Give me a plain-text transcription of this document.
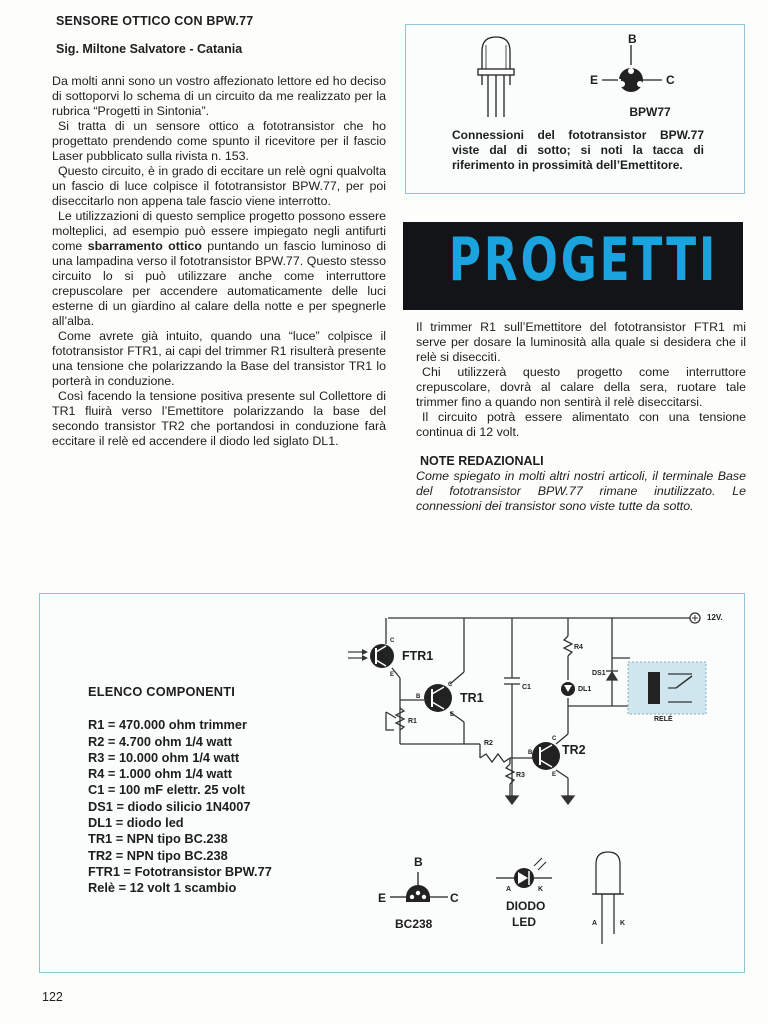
SENSORE OTTICO CON BPW.77
Sig. Miltone Salvatore - Catania

Da molti anni sono un vostro affezionato lettore ed ho deciso di sottoporvi lo schema di un circuito da me realizzato per la rubrica “Progetti in Sintonia”.

Si tratta di un sensore ottico a fototransistor che ho progettato prendendo come spunto il ricevitore per il fascio Laser pubblicato sulla rivista n. 153.

Questo circuito, è in grado di eccitare un relè ogni qualvolta un fascio di luce colpisce il fototransistor BPW.77, per poi diseccitarlo non appena tale fascio viene interrotto.

Le utilizzazioni di questo semplice progetto possono essere molteplici, ad esempio può essere impiegato negli antifurti come sbarramento ottico puntando un fascio luminoso di una lampadina verso il fototransistor BPW.77. Questo stesso circuito lo si può utilizzare anche come interruttore crepuscolare per accendere automaticamente delle luci esterne di un giardino al calare della notte e per spegnerle all’alba.

Come avrete già intuito, quando una “luce” colpisce il fototransistor FTR1, ai capi del trimmer R1 risulterà presente una tensione che polarizzando la Base del transistor TR1 lo porterà in conduzione.

Così facendo la tensione positiva presente sul Collettore di TR1 fluirà verso l’Emettitore polarizzando la base del secondo transistor TR2 che portandosi in conduzione farà eccitare il relè ed accendere il diodo led siglato DL1.

B
E	C
BPW77
Connessioni del fototransistor BPW.77 viste dal di sotto; si noti la tacca di riferimento in prossimità dell’Emettitore.
PROGETTI

Il trimmer R1 sull’Emettitore del fototransistor FTR1 mi serve per dosare la luminosità alla quale si desidera che il relè si diseccitì.

Chi utilizzerà questo progetto come interruttore crepuscolare, dovrà al calare della sera, ruotare tale trimmer fino a quando non sentirà il relè diseccitarsi.

Il circuito potrà essere alimentato con una tensione continua di 12 volt.

NOTE REDAZIONALI

Come spiegato in molti altri nostri articoli, il terminale Base del fototransistor BPW.77 rimane inutilizzato. Le connessioni dei transistor sono viste tutte da sotto.

ELENCO COMPONENTI
R1 = 470.000 ohm trimmer
R2 = 4.700 ohm 1/4 watt
R3 = 10.000 ohm 1/4 watt
R4 = 1.000 ohm 1/4 watt
C1 = 100 mF elettr. 25 volt
DS1 = diodo silicio 1N4007
DL1 = diodo led
TR1 = NPN tipo BC.238
TR2 = NPN tipo BC.238
FTR1 = Fototransistor BPW.77
Relè = 12 volt 1 scambio
12V.
FTR1
TR1
TR2
R1
R2
R3
R4
C1
DS1
DL1
RELÈ
C
E
C
B
E
C
B
E
B
E	C
BC238
A	K
DIODO
LED	A	K
122
